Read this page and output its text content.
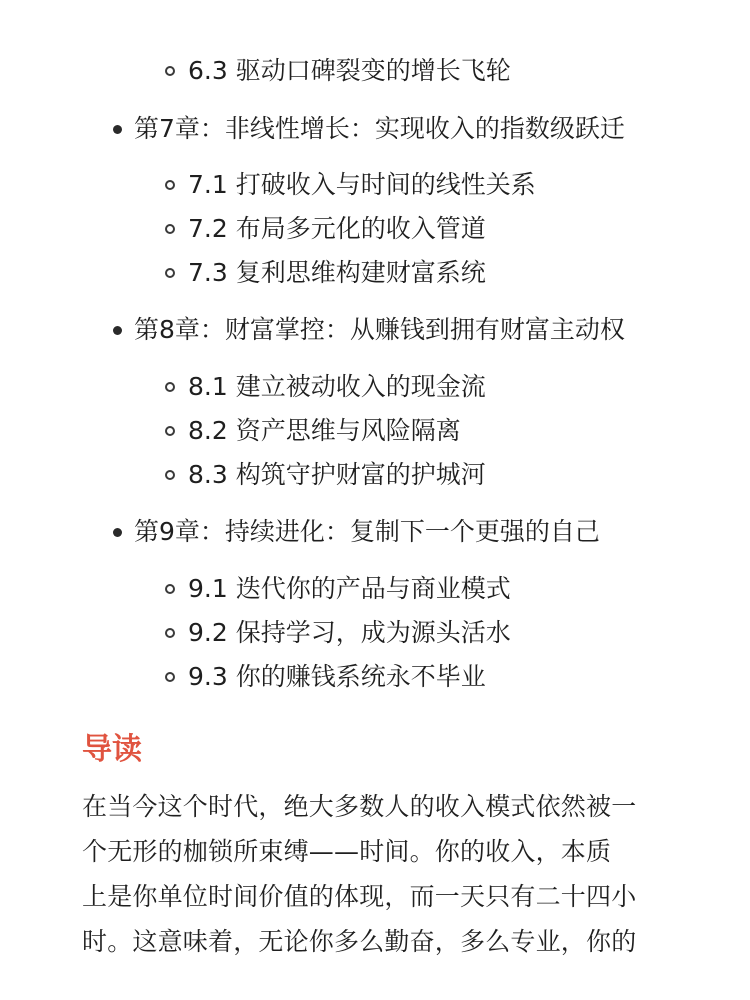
6.3 驱动口碑裂变的增长飞轮
第7章：非线性增长：实现收入的指数级跃迁
7.1 打破收入与时间的线性关系
7.2 布局多元化的收入管道
7.3 复利思维构建财富系统
第8章：财富掌控：从赚钱到拥有财富主动权
8.1 建立被动收入的现金流
8.2 资产思维与风险隔离
8.3 构筑守护财富的护城河
第9章：持续进化：复制下一个更强的自己
9.1 迭代你的产品与商业模式
9.2 保持学习，成为源头活水
9.3 你的赚钱系统永不毕业
导读

在当今这个时代，绝大多数人的收入模式依然被一
个无形的枷锁所束缚——时间。你的收入，本质
上是你单位时间价值的体现，而一天只有二十四小
时。这意味着，无论你多么勤奋，多么专业，你的
